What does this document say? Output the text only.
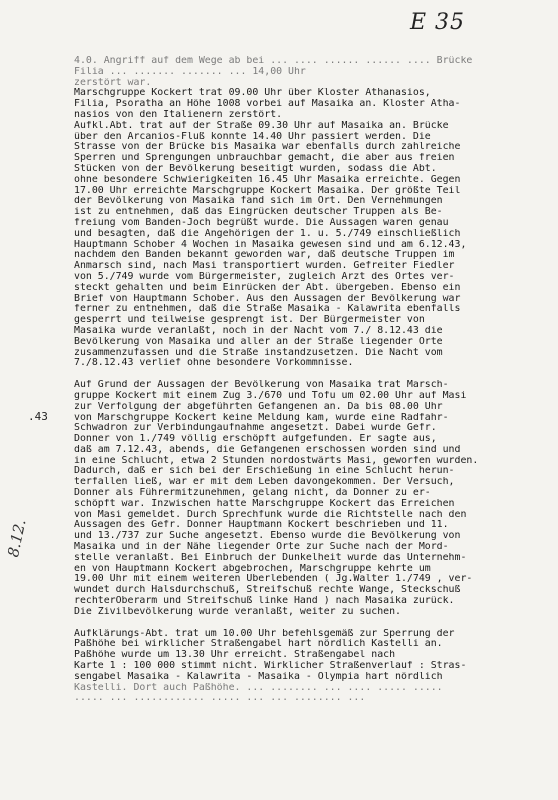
E 35
8.12.
.43
4.0. Angriff auf dem Wege ab bei ... .... ...... ...... .... Brücke
Filia ... ....... ....... ... 14,00 Uhr
zerstört war.
Marschgruppe Kockert trat 09.00 Uhr über Kloster Athanasios,
Filia, Psoratha an Höhe 1008 vorbei auf Masaika an. Kloster Atha-
nasios von den Italienern zerstört.
Aufkl.Abt. trat auf der Straße 09.30 Uhr auf Masaika an. Brücke
über den Arcanios-Fluß konnte 14.40 Uhr passiert werden. Die
Strasse von der Brücke bis Masaika war ebenfalls durch zahlreiche
Sperren und Sprengungen unbrauchbar gemacht, die aber aus freien
Stücken von der Bevölkerung beseitigt wurden, sodass die Abt.
ohne besondere Schwierigkeiten 16.45 Uhr Masaika erreichte. Gegen
17.00 Uhr erreichte Marschgruppe Kockert Masaika. Der größte Teil
der Bevölkerung von Masaika fand sich im Ort. Den Vernehmungen
ist zu entnehmen, daß das Eingrücken deutscher Truppen als Be-
freiung vom Banden-Joch begrüßt wurde. Die Aussagen waren genau
und besagten, daß die Angehörigen der 1. u. 5./749 einschließlich
Hauptmann Schober 4 Wochen in Masaika gewesen sind und am 6.12.43,
nachdem den Banden bekannt geworden war, daß deutsche Truppen im
Anmarsch sind, nach Masi transportiert wurden. Gefreiter Fiedler
von 5./749 wurde vom Bürgermeister, zugleich Arzt des Ortes ver-
steckt gehalten und beim Einrücken der Abt. übergeben. Ebenso ein
Brief von Hauptmann Schober. Aus den Aussagen der Bevölkerung war
ferner zu entnehmen, daß die Straße Masaika - Kalawrita ebenfalls
gesperrt und teilweise gesprengt ist. Der Bürgermeister von
Masaika wurde veranlaßt, noch in der Nacht vom 7./ 8.12.43 die
Bevölkerung von Masaika und aller an der Straße liegender Orte
zusammenzufassen und die Straße instandzusetzen. Die Nacht vom
7./8.12.43 verlief ohne besondere Vorkommnisse.
Auf Grund der Aussagen der Bevölkerung von Masaika trat Marsch-
gruppe Kockert mit einem Zug 3./670 und Tofu um 02.00 Uhr auf Masi
zur Verfolgung der abgeführten Gefangenen an. Da bis 08.00 Uhr
von Marschgruppe Kockert keine Meldung kam, wurde eine Radfahr-
Schwadron zur Verbindungaufnahme angesetzt. Dabei wurde Gefr.
Donner von 1./749 völlig erschöpft aufgefunden. Er sagte aus,
daß am 7.12.43, abends, die Gefangenen erschossen worden sind und
in eine Schlucht, etwa 2 Stunden nordostwärts Masi, geworfen wurden.
Dadurch, daß er sich bei der Erschießung in eine Schlucht herun-
terfallen ließ, war er mit dem Leben davongekommen. Der Versuch,
Donner als Führermitzunehmen, gelang nicht, da Donner zu er-
schöpft war. Inzwischen hatte Marschgruppe Kockert das Erreichen
von Masi gemeldet. Durch Sprechfunk wurde die Richtstelle nach den
Aussagen des Gefr. Donner Hauptmann Kockert beschrieben und 11.
und 13./737 zur Suche angesetzt. Ebenso wurde die Bevölkerung von
Masaika und in der Nähe liegender Orte zur Suche nach der Mord-
stelle veranlaßt. Bei Einbruch der Dunkelheit wurde das Unternehm-
en von Hauptmann Kockert abgebrochen, Marschgruppe kehrte um
19.00 Uhr mit einem weiteren Überlebenden ( Jg.Walter 1./749 , ver-
wundet durch Halsdurchschuß, Streifschuß rechte Wange, Steckschuß
rechterOberarm und Streifschuß linke Hand ) nach Masaika zurück.
Die Zivilbevölkerung wurde veranlaßt, weiter zu suchen.
Aufklärungs-Abt. trat um 10.00 Uhr befehlsgemäß zur Sperrung der
Paßhöhe bei wirklicher Straßengabel hart nördlich Kastelli an.
Paßhöhe wurde um 13.30 Uhr erreicht. Straßengabel nach
Karte 1 : 100 000 stimmt nicht. Wirklicher Straßenverlauf : Stras-
sengabel Masaika - Kalawrita - Masaika - Olympia hart nördlich
Kastelli. Dort auch Paßhöhe. ... ........ ... .... ..... .....
..... ... ............ ..... ... ... ........ ...
